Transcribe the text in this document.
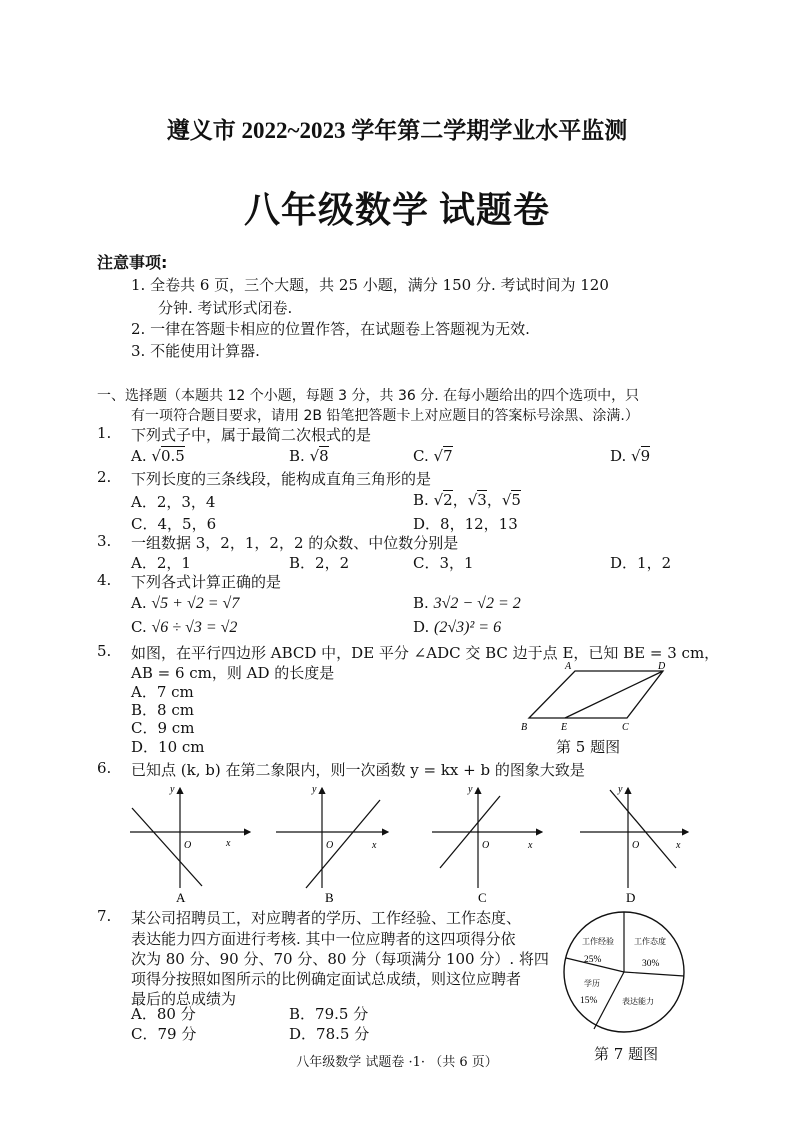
遵义市 2022~2023 学年第二学期学业水平监测
八年级数学 试题卷
注意事项:
1. 全卷共 6 页，三个大题，共 25 小题，满分 150 分. 考试时间为 120
分钟. 考试形式闭卷.
2. 一律在答题卡相应的位置作答，在试题卷上答题视为无效.
3. 不能使用计算器.
一、选择题（本题共 12 个小题，每题 3 分，共 36 分. 在每小题给出的四个选项中，只
有一项符合题目要求，请用 2B 铅笔把答题卡上对应题目的答案标号涂黑、涂满.）
1. 下列式子中，属于最简二次根式的是
A. √0.5	B. √8	C. √7	D. √9
2. 下列长度的三条线段，能构成直角三角形的是
A．2，3，4	B. √2，√3，√5
C．4，5，6	D．8，12，13
3. 一组数据 3，2，1，2，2 的众数、中位数分别是
A．2，1	B．2，2	C．3，1	D．1，2
4. 下列各式计算正确的是
A. √5 + √2 = √7	B. 3√2 − √2 = 2
C. √6 ÷ √3 = √2	D. (2√3)² = 6
5. 如图，在平行四边形 ABCD 中，DE 平分 ∠ADC 交 BC 边于点 E，已知 BE = 3 cm，
AB = 6 cm，则 AD 的长度是
A．7 cm
B．8 cm
C．9 cm
D．10 cm
A	D
B	E	C
第 5 题图
6. 已知点 (k, b) 在第二象限内，则一次函数 y = kx + b 的图象大致是
y
x
O
A
y
x
O
B
y
x
O
C
y
x
O
D
7. 某公司招聘员工，对应聘者的学历、工作经验、工作态度、
表达能力四方面进行考核. 其中一位应聘者的这四项得分依
次为 80 分、90 分、70 分、80 分（每项满分 100 分）. 将四
项得分按照如图所示的比例确定面试总成绩，则这位应聘者
最后的总成绩为
A．80 分	B．79.5 分
C．79 分	D．78.5 分
工作经验
25%
工作态度
30%
学历
15%	表达能力
第 7 题图
八年级数学 试题卷 ·1· （共 6 页）
